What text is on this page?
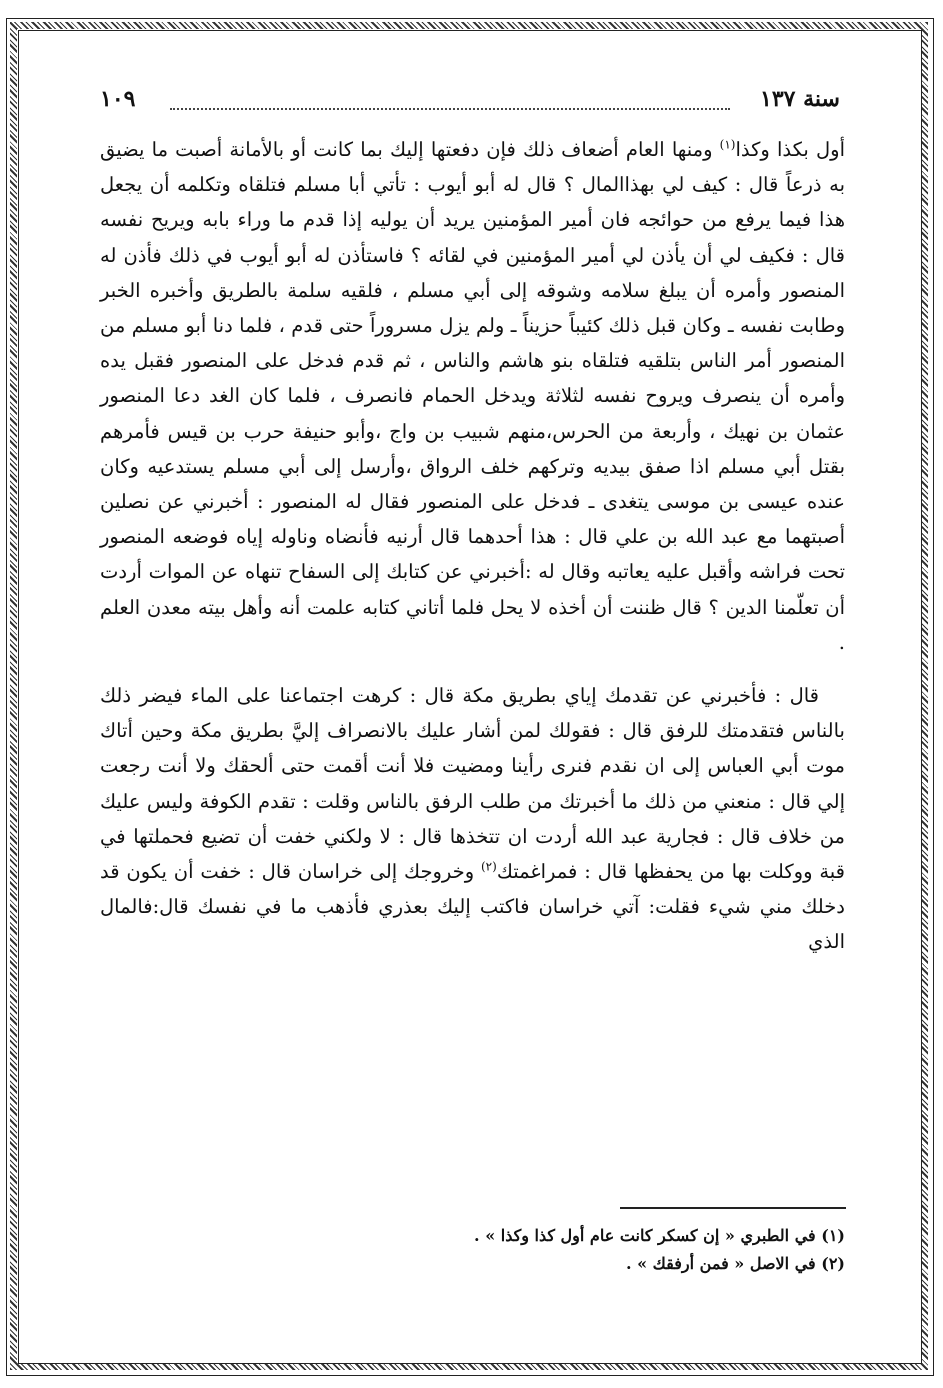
سنة ١٣٧
١٠٩

أول بكذا وكذا$^{(١)}$ ومنها العام أضعاف ذلك فإن دفعتها إليك بما كانت أو بالأمانة أصبت ما يضيق به ذرعاً قال : كيف لي بهذاالمال ؟ قال له أبو أيوب : تأتي أبا مسلم فتلقاه وتكلمه أن يجعل هذا فيما يرفع من حوائجه فان أمير المؤمنين يريد أن يوليه إذا قدم ما وراء بابه ويريح نفسه قال : فكيف لي أن يأذن لي أمير المؤمنين في لقائه ؟ فاستأذن له أبو أيوب في ذلك فأذن له المنصور وأمره أن يبلغ سلامه وشوقه إلى أبي مسلم ، فلقيه سلمة بالطريق وأخبره الخبر وطابت نفسه ـ وكان قبل ذلك كئيباً حزيناً ـ ولم يزل مسروراً حتى قدم ، فلما دنا أبو مسلم من المنصور أمر الناس بتلقيه فتلقاه بنو هاشم والناس ، ثم قدم فدخل على المنصور فقبل يده وأمره أن ينصرف ويروح نفسه لثلاثة ويدخل الحمام فانصرف ، فلما كان الغد دعا المنصور عثمان بن نهيك ، وأربعة من الحرس،منهم شبيب بن واج ،وأبو حنيفة حرب بن قيس فأمرهم بقتل أبي مسلم اذا صفق بيديه وتركهم خلف الرواق ،وأرسل إلى أبي مسلم يستدعيه وكان عنده عيسى بن موسى يتغدى ـ فدخل على المنصور فقال له المنصور : أخبرني عن نصلين أصبتهما مع عبد الله بن علي قال : هذا أحدهما قال أرنيه فأنضاه وناوله إياه فوضعه المنصور تحت فراشه وأقبل عليه يعاتبه وقال له :أخبرني عن كتابك إلى السفاح تنهاه عن الموات أردت أن تعلّمنا الدين ؟ قال ظننت أن أخذه لا يحل فلما أتاني كتابه علمت أنه وأهل بيته معدن العلم .

قال : فأخبرني عن تقدمك إياي بطريق مكة قال : كرهت اجتماعنا على الماء فيضر ذلك بالناس فتقدمتك للرفق قال : فقولك لمن أشار عليك بالانصراف إليَّ بطريق مكة وحين أتاك موت أبي العباس إلى ان نقدم فنرى رأينا ومضيت فلا أنت أقمت حتى ألحقك ولا أنت رجعت إلي قال : منعني من ذلك ما أخبرتك من طلب الرفق بالناس وقلت : تقدم الكوفة وليس عليك من خلاف قال : فجارية عبد الله أردت ان تتخذها قال : لا ولكني خفت أن تضيع فحملتها في قبة ووكلت بها من يحفظها قال : فمراغمتك$^{(٢)}$ وخروجك إلى خراسان قال : خفت أن يكون قد دخلك مني شيء فقلت: آتي خراسان فاكتب إليك بعذري فأذهب ما في نفسك قال:فالمال الذي

(١) في الطبري « إن كسكر كانت عام أول كذا وكذا » .
(٢) في الاصل « فمن أرفقك » .
